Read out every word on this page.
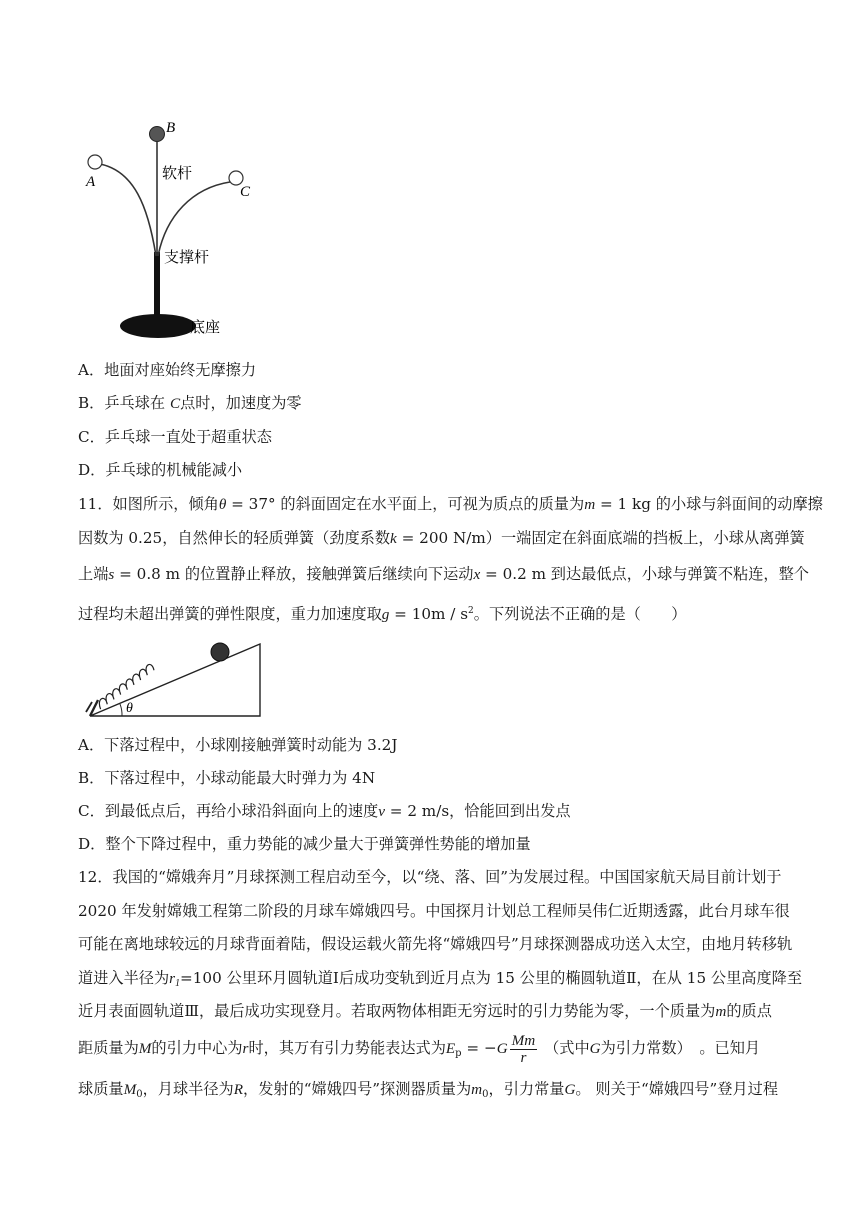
A
B
C
软杆
支撑杆
底座
A．地面对座始终无摩擦力
B．乒乓球在 C点时，加速度为零
C．乒乓球一直处于超重状态
D．乒乓球的机械能减小
11．如图所示，倾角θ = 37° 的斜面固定在水平面上，可视为质点的质量为m = 1 kg 的小球与斜面间的动摩擦
因数为 0.25，自然伸长的轻质弹簧（劲度系数k = 200 N/m）一端固定在斜面底端的挡板上，小球从离弹簧
上端s = 0.8 m 的位置静止释放，接触弹簧后继续向下运动x = 0.2 m 到达最低点，小球与弹簧不粘连，整个
过程均未超出弹簧的弹性限度，重力加速度取$g = 10m / s^2$。下列说法不正确的是（　　）
θ
A．下落过程中，小球刚接触弹簧时动能为 3.2J
B．下落过程中，小球动能最大时弹力为 4N
C．到最低点后，再给小球沿斜面向上的速度v = 2 m/s，恰能回到出发点
D．整个下降过程中，重力势能的减少量大于弹簧弹性势能的增加量
12．我国的“嫦娥奔月”月球探测工程启动至今，以“绕、落、回”为发展过程。中国国家航天局目前计划于
2020 年发射嫦娥工程第二阶段的月球车嫦娥四号。中国探月计划总工程师吴伟仁近期透露，此台月球车很
可能在离地球较远的月球背面着陆，假设运载火箭先将“嫦娥四号”月球探测器成功送入太空，由地月转移轨
道进入半径为$r_1=100$ 公里环月圆轨道Ⅰ后成功变轨到近月点为 15 公里的椭圆轨道Ⅱ，在从 15 公里高度降至
近月表面圆轨道Ⅲ，最后成功实现登月。若取两物体相距无穷远时的引力势能为零，一个质量为m的质点
距质量为M的引力中心为r时，其万有引力势能表达式为$E_p = -G \frac{Mm}{r}$ （式中G为引力常数）　。已知月
球质量$M_0$，月球半径为R，发射的“嫦娥四号”探测器质量为$m_0$，引力常量G。 则关于“嫦娥四号”登月过程
